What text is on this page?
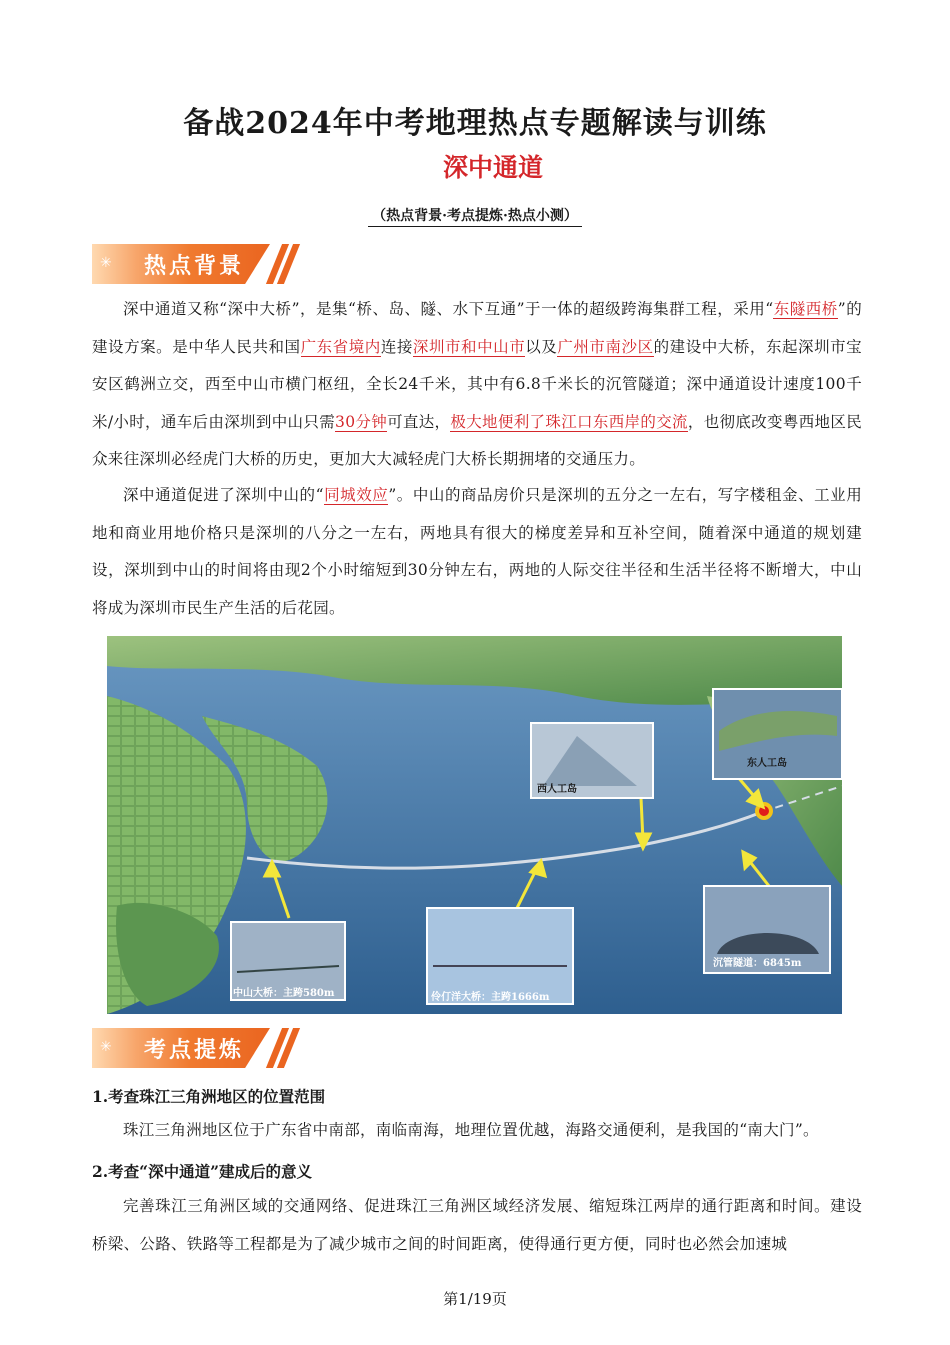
备战2024年中考地理热点专题解读与训练
深中通道
（热点背景·考点提炼·热点小测）
✳ 热点背景

深中通道又称“深中大桥”，是集“桥、岛、隧、水下互通”于一体的超级跨海集群工程，采用“东隧西桥”的建设方案。是中华人民共和国广东省境内连接深圳市和中山市以及广州市南沙区的建设中大桥，东起深圳市宝安区鹤洲立交，西至中山市横门枢纽，全长24千米，其中有6.8千米长的沉管隧道；深中通道设计速度100千米/小时，通车后由深圳到中山只需30分钟可直达，极大地便利了珠江口东西岸的交流，也彻底改变粤西地区民众来往深圳必经虎门大桥的历史，更加大大减轻虎门大桥长期拥堵的交通压力。

深中通道促进了深圳中山的“同城效应”。中山的商品房价只是深圳的五分之一左右，写字楼租金、工业用地和商业用地价格只是深圳的八分之一左右，两地具有很大的梯度差异和互补空间，随着深中通道的规划建设，深圳到中山的时间将由现2个小时缩短到30分钟左右，两地的人际交往半径和生活半径将不断增大，中山将成为深圳市民生产生活的后花园。

西人工岛
东人工岛
中山大桥：主跨580m	伶仃洋大桥：主跨1666m
沉管隧道：6845m
✳ 考点提炼

1.考查珠江三角洲地区的位置范围

珠江三角洲地区位于广东省中南部，南临南海，地理位置优越，海路交通便利，是我国的“南大门”。

2.考查“深中通道”建成后的意义

完善珠江三角洲区域的交通网络、促进珠江三角洲区域经济发展、缩短珠江两岸的通行距离和时间。建设桥梁、公路、铁路等工程都是为了减少城市之间的时间距离，使得通行更方便，同时也必然会加速城

第1/19页
